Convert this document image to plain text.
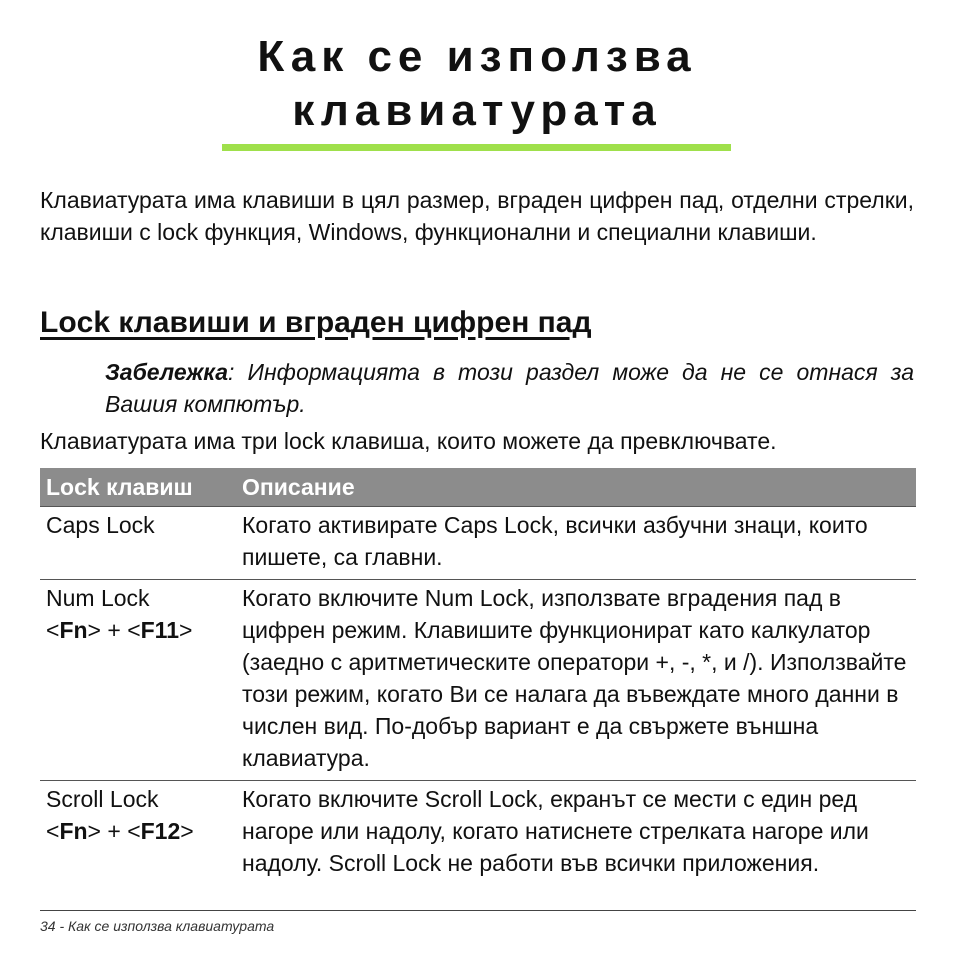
Как се използва
клавиатурата

Клавиатурата има клавиши в цял размер, вграден цифрен пад, отделни стрелки, клавиши с lock функция, Windows, функционални и специални клавиши.

Lock клавиши и вграден цифрен пад

Забележка: Информацията в този раздел може да не се отнася за Вашия компютър.

Клавиатурата има три lock клавиша, които можете да превключвате.

Lock клавиш	Описание
Caps Lock	Когато активирате Caps Lock, всички азбучни знаци, които пишете, са главни.
Num Lock
<Fn> + <F11>	Когато включите Num Lock, използвате вградения пад в цифрен режим. Клавишите функционират като калкулатор (заедно с аритметическите оператори +, -, *, и /). Използвайте този режим, когато Ви се налага да въвеждате много данни в числен вид. По-добър вариант е да свържете външна клавиатура.
Scroll Lock
<Fn> + <F12>	Когато включите Scroll Lock, екранът се мести с един ред нагоре или надолу, когато натиснете стрелката нагоре или надолу. Scroll Lock не работи във всички приложения.
34 - Как се използва клавиатурата
